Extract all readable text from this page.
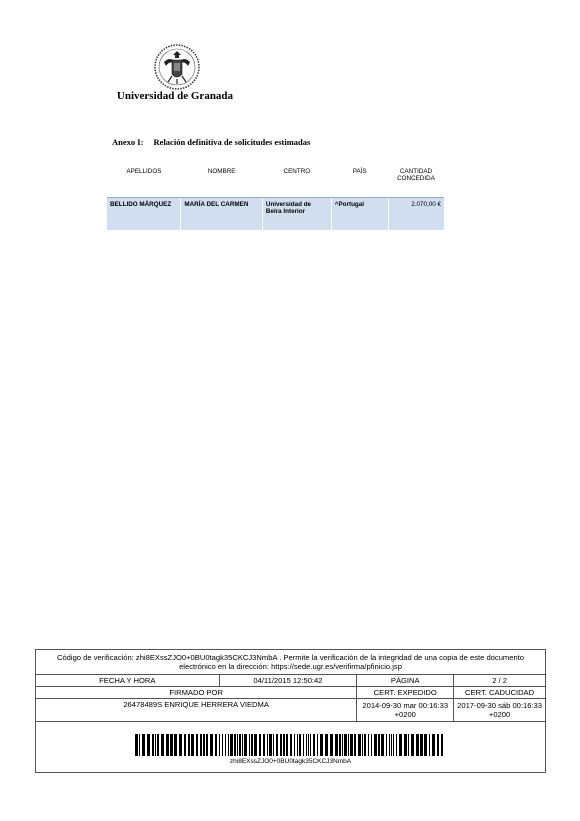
Universidad de Granada
Anexo I: Relación definitiva de solicitudes estimadas
APELLIDOS	NOMBRE	CENTRO	PAÍS	CANTIDAD CONCEDIDA
BELLIDO MÁRQUEZ	MARÍA DEL CARMEN	Universidad de Beira Interior	^Portugal	2.070,00 €
Código de verificación: zhi8EXssZJO0+0BU0tagk35CKCJ3NmbA . Permite la verificación de la integridad de una copia de este documento electrónico en la dirección: https://sede.ugr.es/verifirma/pfinicio.jsp			
FECHA Y HORA	04/11/2015 12:50:42	PÁGINA	2 / 2
FIRMADO POR		CERT. EXPEDIDO	CERT. CADUCIDAD
26478489S ENRIQUE HERRERA VIEDMA		2014-09-30 mar 00:16:33 +0200	2017-09-30 sáb 00:16:33 +0200

zhi8EXssZJO0+0BU0tagk35CKCJ3NmbA			
